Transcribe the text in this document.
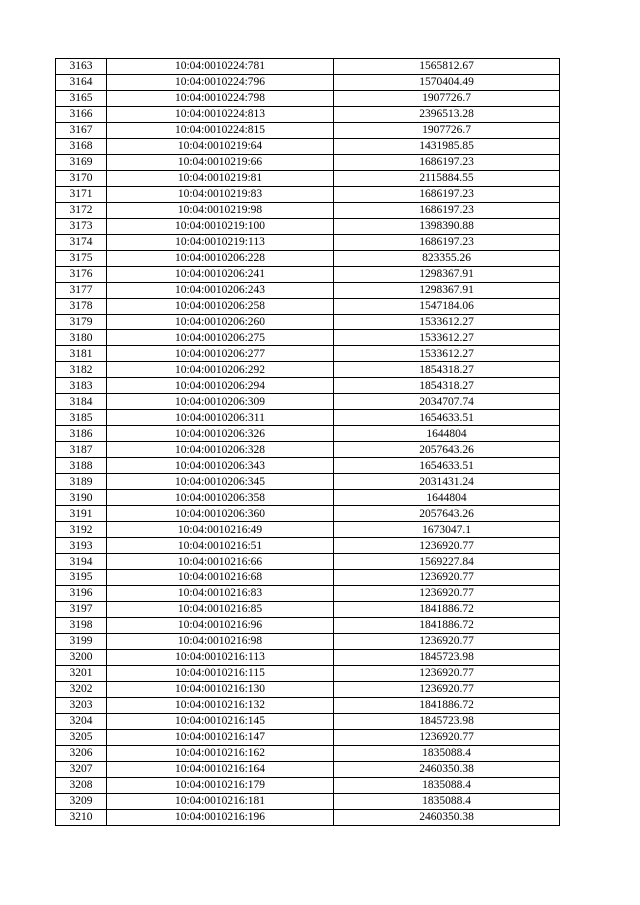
3163	10:04:0010224:781	1565812.67
3164	10:04:0010224:796	1570404.49
3165	10:04:0010224:798	1907726.7
3166	10:04:0010224:813	2396513.28
3167	10:04:0010224:815	1907726.7
3168	10:04:0010219:64	1431985.85
3169	10:04:0010219:66	1686197.23
3170	10:04:0010219:81	2115884.55
3171	10:04:0010219:83	1686197.23
3172	10:04:0010219:98	1686197.23
3173	10:04:0010219:100	1398390.88
3174	10:04:0010219:113	1686197.23
3175	10:04:0010206:228	823355.26
3176	10:04:0010206:241	1298367.91
3177	10:04:0010206:243	1298367.91
3178	10:04:0010206:258	1547184.06
3179	10:04:0010206:260	1533612.27
3180	10:04:0010206:275	1533612.27
3181	10:04:0010206:277	1533612.27
3182	10:04:0010206:292	1854318.27
3183	10:04:0010206:294	1854318.27
3184	10:04:0010206:309	2034707.74
3185	10:04:0010206:311	1654633.51
3186	10:04:0010206:326	1644804
3187	10:04:0010206:328	2057643.26
3188	10:04:0010206:343	1654633.51
3189	10:04:0010206:345	2031431.24
3190	10:04:0010206:358	1644804
3191	10:04:0010206:360	2057643.26
3192	10:04:0010216:49	1673047.1
3193	10:04:0010216:51	1236920.77
3194	10:04:0010216:66	1569227.84
3195	10:04:0010216:68	1236920.77
3196	10:04:0010216:83	1236920.77
3197	10:04:0010216:85	1841886.72
3198	10:04:0010216:96	1841886.72
3199	10:04:0010216:98	1236920.77
3200	10:04:0010216:113	1845723.98
3201	10:04:0010216:115	1236920.77
3202	10:04:0010216:130	1236920.77
3203	10:04:0010216:132	1841886.72
3204	10:04:0010216:145	1845723.98
3205	10:04:0010216:147	1236920.77
3206	10:04:0010216:162	1835088.4
3207	10:04:0010216:164	2460350.38
3208	10:04:0010216:179	1835088.4
3209	10:04:0010216:181	1835088.4
3210	10:04:0010216:196	2460350.38
